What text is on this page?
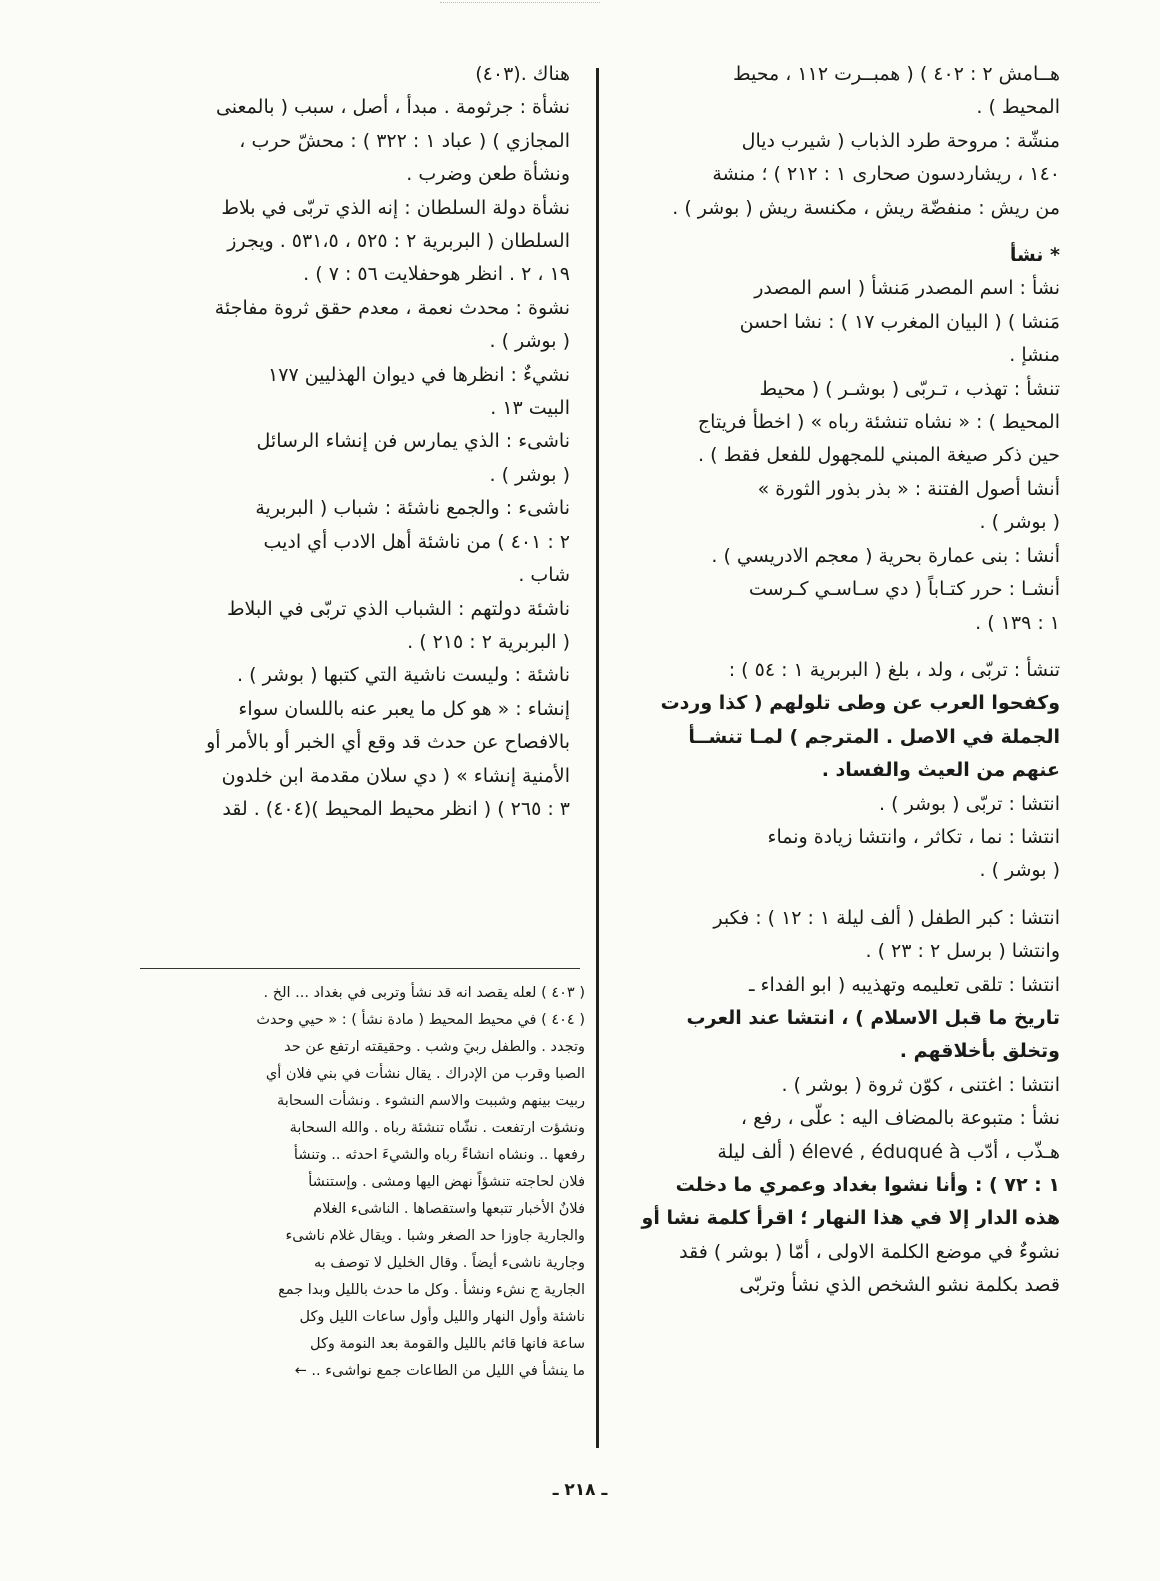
هــامش ٢ : ٤٠٢ ) ( همبــرت ١١٢ ، محيط
المحيط ) .
منشّة : مروحة طرد الذباب ( شيرب ديال
١٤٠ ، ريشاردسون صحارى ١ : ٢١٢ ) ؛ منشة
من ريش : منفضّة ريش ، مكنسة ريش ( بوشر ) .
* نشأ
نشأ : اسم المصدر مَنشأ ( اسم المصدر
مَنشا ) ( البيان المغرب ١٧ ) : نشا احسن
منشإ .
تنشأ : تهذب ، تـربّى ( بوشـر ) ( محيط
المحيط ) : « نشاه تنشئة رباه » ( اخطأ فريتاج
حين ذكر صيغة المبني للمجهول للفعل فقط ) .
أنشا أصول الفتنة : « بذر بذور الثورة »
( بوشر ) .
أنشا : بنى عمارة بحرية ( معجم الادريسي ) .
أنشـا : حرر كتـاباً ( دي سـاسـي كـرست
١ : ١٣٩ ) .
تنشأ : تربّى ، ولد ، بلغ ( البربرية ١ : ٥٤ ) :
وكفحوا العرب عن وطى تلولهم ( كذا وردت
الجملة في الاصل . المترجم ) لمـا تنشــأ
عنهم من العيث والفساد .
انتشا : تربّى ( بوشر ) .
انتشا : نما ، تكاثر ، وانتشا زيادة ونماء
( بوشر ) .
انتشا : كبر الطفل ( ألف ليلة ١ : ١٢ ) : فكبر
وانتشا ( برسل ٢ : ٢٣ ) .
انتشا : تلقى تعليمه وتهذيبه ( ابو الفداء ـ
تاريخ ما قبل الاسلام ) ، انتشا عند العرب
وتخلق بأخلاقهم .
انتشا : اغتنى ، كوّن ثروة ( بوشر ) .
نشأ : متبوعة بالمضاف اليه : علّى ، رفع ،
هـذّب ، أدّب élevé , éduqué à ( ألف ليلة
١ : ٧٢ ) : وأنا نشوا بغداد وعمري ما دخلت
هذه الدار إلا في هذا النهار ؛ اقرأ كلمة نشا أو
نشوءٌ في موضع الكلمة الاولى ، أمّا ( بوشر ) فقد
قصد بكلمة نشو الشخص الذي نشأ وتربّى
هناك .(٤٠٣)
نشأة : جرثومة . مبدأ ، أصل ، سبب ( بالمعنى
المجازي ) ( عباد ١ : ٣٢٢ ) : محشّ حرب ،
ونشأة طعن وضرب .
نشأة دولة السلطان : إنه الذي تربّى في بلاط
السلطان ( البربرية ٢ : ٥٢٥ ، ٥٣١،٥ . ويجرز
١٩ ، ٢ . انظر هوحفلايت ٥٦ : ٧ ) .
نشوة : محدث نعمة ، معدم حقق ثروة مفاجئة
( بوشر ) .
نشيءٌ : انظرها في ديوان الهذليين ١٧٧
البيت ١٣ .
ناشىء : الذي يمارس فن إنشاء الرسائل
( بوشر ) .
ناشىء : والجمع ناشئة : شباب ( البربرية
٢ : ٤٠١ ) من ناشئة أهل الادب أي اديب
شاب .
ناشئة دولتهم : الشباب الذي تربّى في البلاط
( البربرية ٢ : ٢١٥ ) .
ناشئة : وليست ناشية التي كتبها ( بوشر ) .
إنشاء : « هو كل ما يعبر عنه باللسان سواء
بالافصاح عن حدث قد وقع أي الخبر أو بالأمر أو
الأمنية إنشاء » ( دي سلان مقدمة ابن خلدون
٣ : ٢٦٥ ) ( انظر محيط المحيط )(٤٠٤) . لقد
( ٤٠٣ ) لعله يقصد انه قد نشأ وتربى في بغداد ... الخ .
( ٤٠٤ ) في محيط المحيط ( مادة نشأ ) : « حيي وحدث
وتجدد . والطفل ربيَ وشب . وحقيقته ارتفع عن حد
الصبا وقرب من الإدراك . يقال نشأت في بني فلان أي
ربيت بينهم وشببت والاسم النشوء . ونشأت السحابة
ونشؤت ارتفعت . نشّاه تنشئة رباه . والله السحابة
رفعها .. ونشاه انشاءً رباه والشيءَ احدثه .. وتنشأ
فلان لحاجته تنشؤاً نهض اليها ومشى . وإستنشأ
فلانٌ الأخبار تتبعها واستقصاها . الناشىء الغلام
والجارية جاوزا حد الصغر وشبا . ويقال غلام ناشىء
وجارية ناشىء أيضاً . وقال الخليل لا توصف به
الجارية ج نشء ونشأ . وكل ما حدث بالليل وبدا جمع
ناشئة وأول النهار والليل وأول ساعات الليل وكل
ساعة فانها قائم بالليل والقومة بعد النومة وكل
ما ينشأ في الليل من الطاعات جمع نواشىء .. ←
ـ ٢١٨ ـ
